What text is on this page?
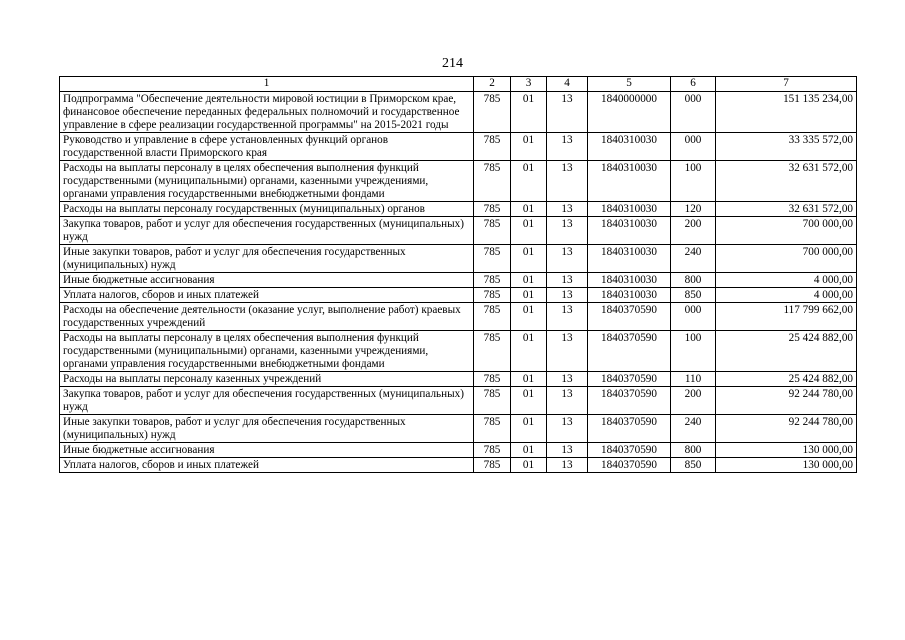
214
1	2	3	4	5	6	7
Подпрограмма "Обеспечение деятельности мировой юстиции в Приморском крае, финансовое обеспечение переданных федеральных полномочий и государственное управление в сфере реализации государственной программы" на 2015-2021 годы	785	01	13	1840000000	000	151 135 234,00
Руководство и управление в сфере установленных функций органов государственной власти Приморского края	785	01	13	1840310030	000	33 335 572,00
Расходы на выплаты персоналу в целях обеспечения выполнения функций государственными (муниципальными) органами, казенными учреждениями, органами управления государственными внебюджетными фондами	785	01	13	1840310030	100	32 631 572,00
Расходы на выплаты персоналу государственных (муниципальных) органов	785	01	13	1840310030	120	32 631 572,00
Закупка товаров, работ и услуг для обеспечения государственных (муниципальных) нужд	785	01	13	1840310030	200	700 000,00
Иные закупки товаров, работ и услуг для обеспечения государственных (муниципальных) нужд	785	01	13	1840310030	240	700 000,00
Иные бюджетные ассигнования	785	01	13	1840310030	800	4 000,00
Уплата налогов, сборов и иных платежей	785	01	13	1840310030	850	4 000,00
Расходы на обеспечение деятельности (оказание услуг, выполнение работ) краевых государственных учреждений	785	01	13	1840370590	000	117 799 662,00
Расходы на выплаты персоналу в целях обеспечения выполнения функций государственными (муниципальными) органами, казенными учреждениями, органами управления государственными внебюджетными фондами	785	01	13	1840370590	100	25 424 882,00
Расходы на выплаты персоналу казенных учреждений	785	01	13	1840370590	110	25 424 882,00
Закупка товаров, работ и услуг для обеспечения государственных (муниципальных) нужд	785	01	13	1840370590	200	92 244 780,00
Иные закупки товаров, работ и услуг для обеспечения государственных (муниципальных) нужд	785	01	13	1840370590	240	92 244 780,00
Иные бюджетные ассигнования	785	01	13	1840370590	800	130 000,00
Уплата налогов, сборов и иных платежей	785	01	13	1840370590	850	130 000,00
